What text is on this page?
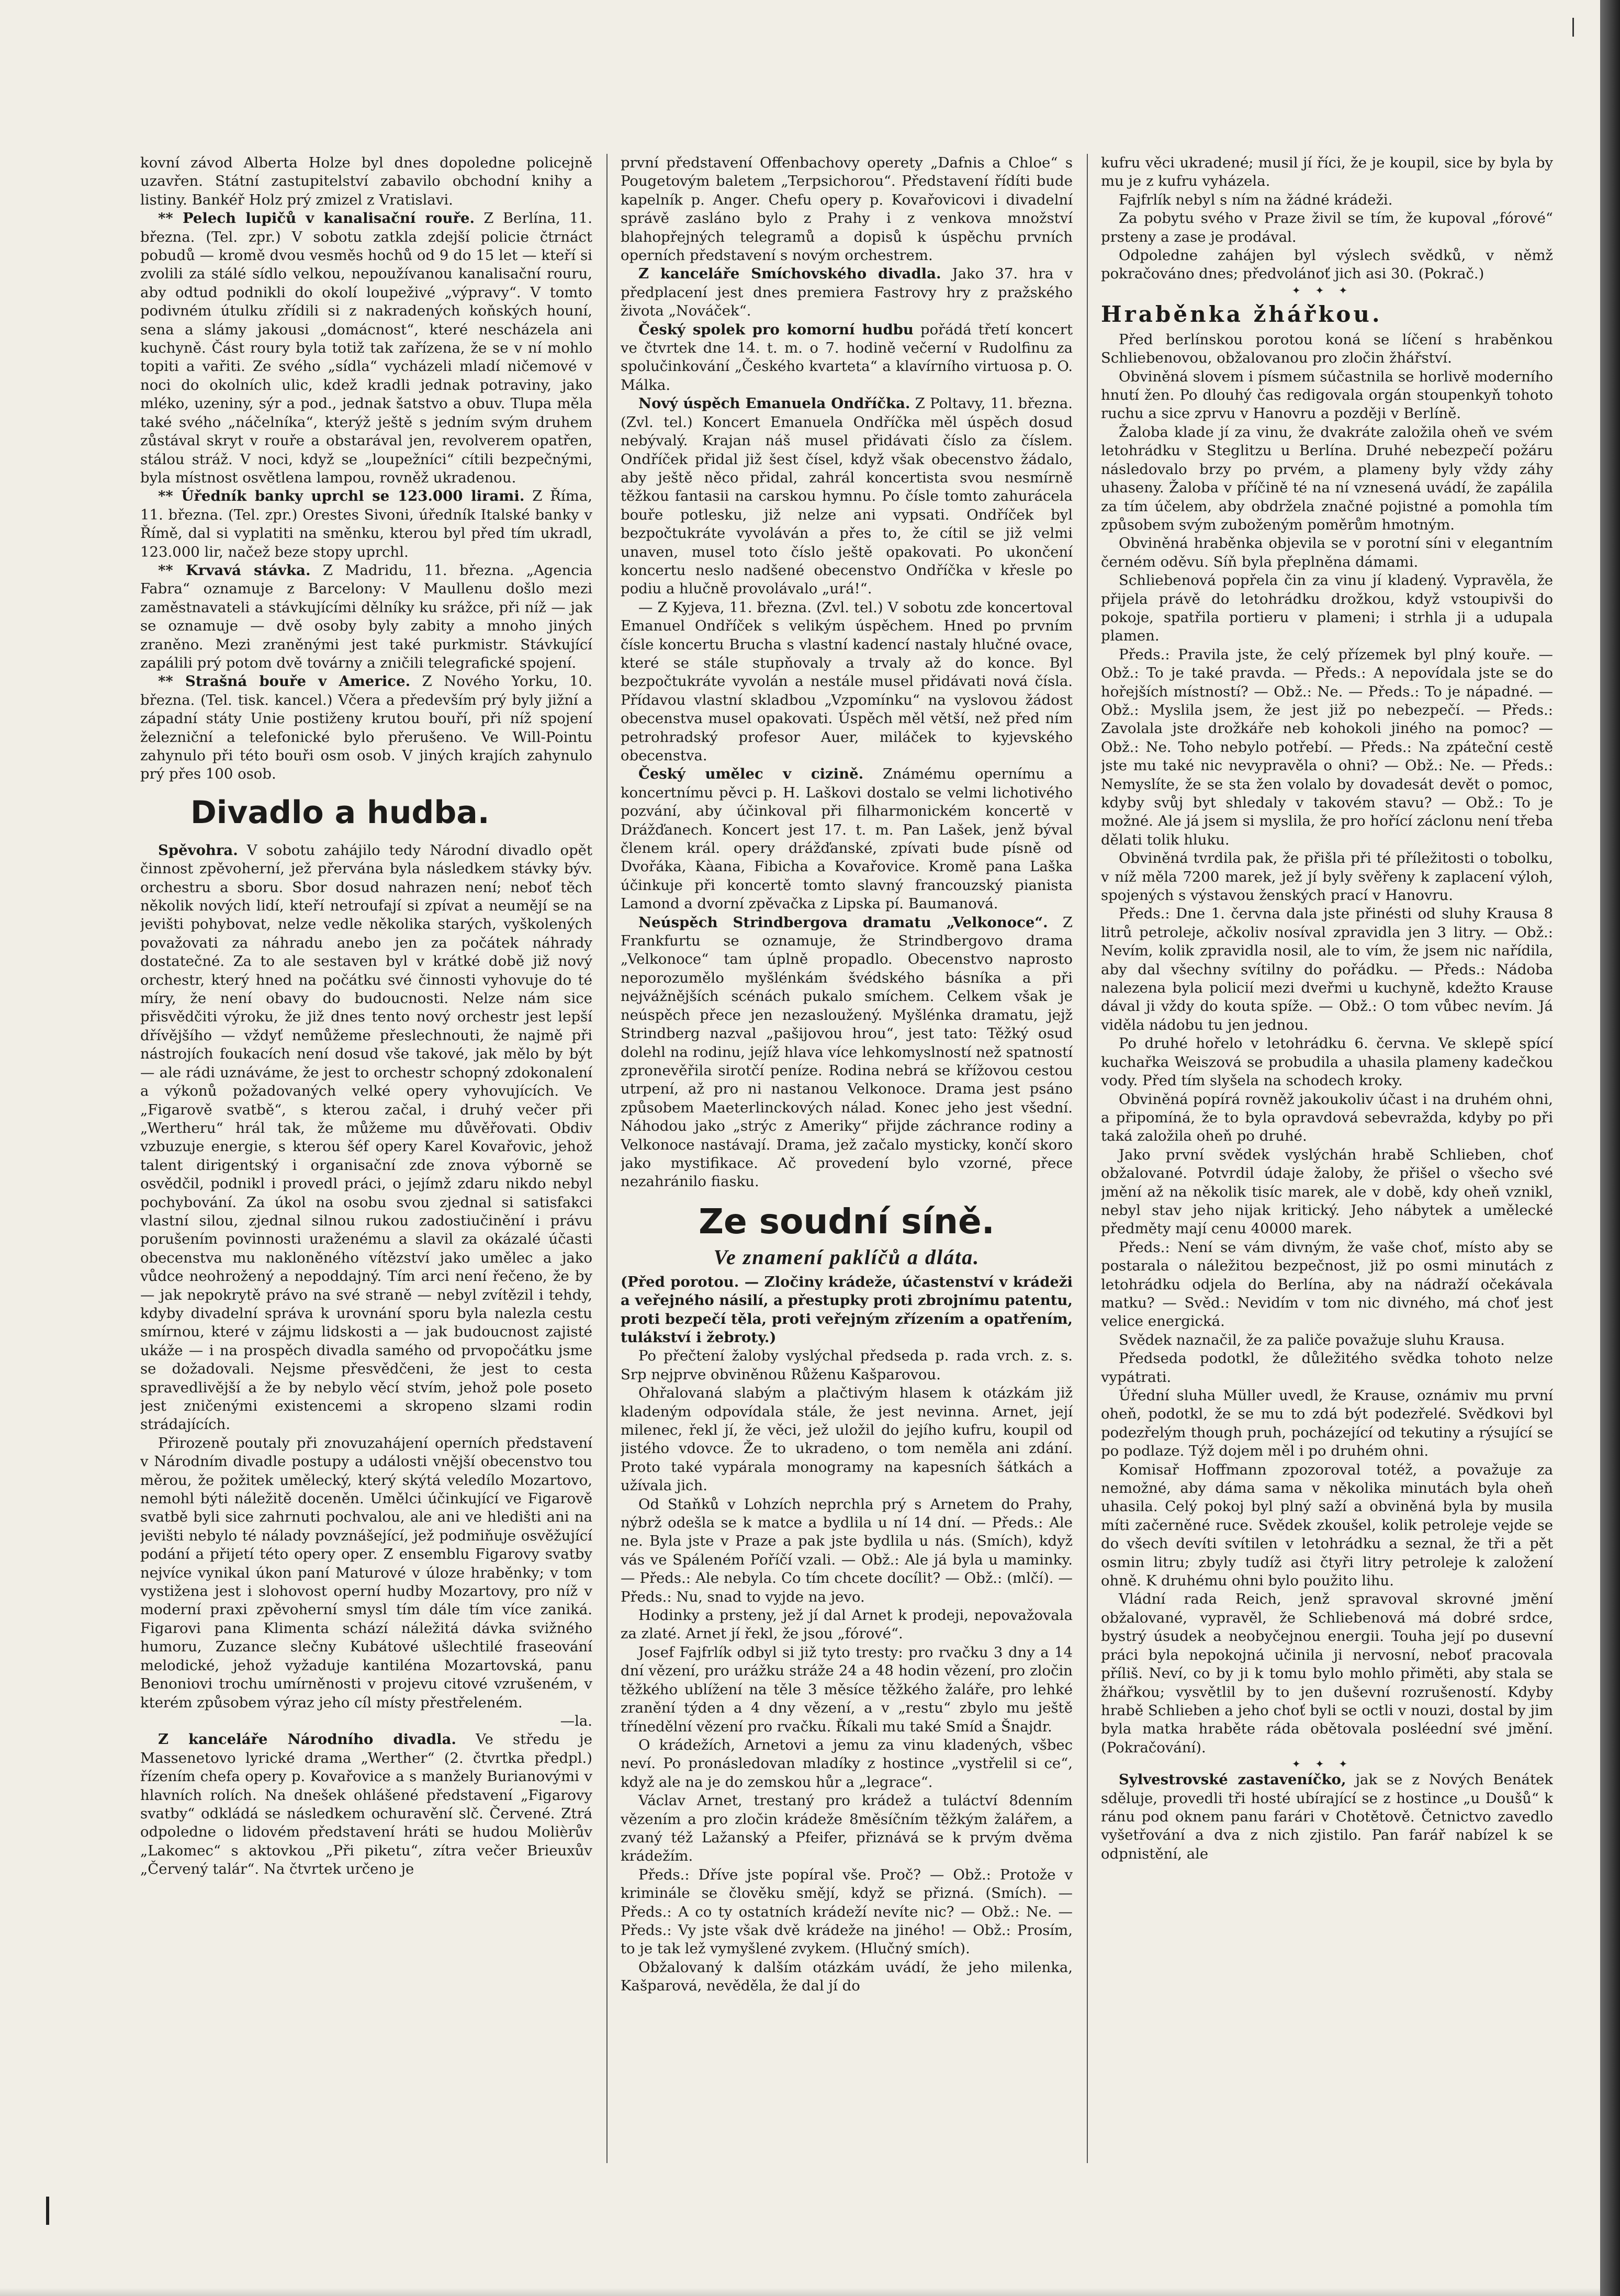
kovní závod Alberta Holze byl dnes dopoledne policejně uzavřen. Státní zastupitelství zabavilo obchodní knihy a listiny. Bankéř Holz prý zmizel z Vratislavi.

** Pelech lupičů v kanalisační rouře. Z Berlína, 11. března. (Tel. zpr.) V sobotu zatkla zdejší policie čtrnáct pobudů — kromě dvou vesměs hochů od 9 do 15 let — kteří si zvolili za stálé sídlo velkou, nepoužívanou kanalisační rouru, aby odtud podnikli do okolí loupeživé „výpravy“. V tomto podivném útulku zřídili si z nakradených koňských houní, sena a slámy jakousi „domácnost“, které nescházela ani kuchyně. Část roury byla totiž tak zařízena, že se v ní mohlo topiti a vařiti. Ze svého „sídla“ vycházeli mladí ničemové v noci do okolních ulic, kdež kradli jednak potraviny, jako mléko, uzeniny, sýr a pod., jednak šatstvo a obuv. Tlupa měla také svého „náčelníka“, kterýž ještě s jedním svým druhem zůstával skryt v rouře a obstarával jen, revolverem opatřen, stálou stráž. V noci, když se „loupežníci“ cítili bezpečnými, byla místnost osvětlena lampou, rovněž ukradenou.

** Úředník banky uprchl se 123.000 lirami. Z Říma, 11. března. (Tel. zpr.) Orestes Sivoni, úředník Italské banky v Římě, dal si vyplatiti na směnku, kterou byl před tím ukradl, 123.000 lir, načež beze stopy uprchl.

** Krvavá stávka. Z Madridu, 11. března. „Agencia Fabra“ oznamuje z Barcelony: V Maullenu došlo mezi zaměstnavateli a stávkujícími dělníky ku srážce, při níž — jak se oznamuje — dvě osoby byly zabity a mnoho jiných zraněno. Mezi zraněnými jest také purkmistr. Stávkující zapálili prý potom dvě továrny a zničili telegrafické spojení.

** Strašná bouře v Americe. Z Nového Yorku, 10. března. (Tel. tisk. kancel.) Včera a především prý byly jižní a západní státy Unie postiženy krutou bouří, při níž spojení železniční a telefonické bylo přerušeno. Ve Will-Pointu zahynulo při této bouři osm osob. V jiných krajích zahynulo prý přes 100 osob.

Divadlo a hudba.

Spěvohra. V sobotu zahájilo tedy Národní divadlo opět činnost zpěvoherní, jež přervána byla následkem stávky býv. orchestru a sboru. Sbor dosud nahrazen není; neboť těch několik nových lidí, kteří netroufají si zpívat a neumějí se na jevišti pohybovat, nelze vedle několika starých, vyškolených považovati za náhradu anebo jen za počátek náhrady dostatečné. Za to ale sestaven byl v krátké době již nový orchestr, který hned na počátku své činnosti vyhovuje do té míry, že není obavy do budoucnosti. Nelze nám sice přisvědčiti výroku, že již dnes tento nový orchestr jest lepší dřívějšího — vždyť nemůžeme přeslechnouti, že najmě při nástrojích foukacích není dosud vše takové, jak mělo by být — ale rádi uznáváme, že jest to orchestr schopný zdokonalení a výkonů požadovaných velké opery vyhovujících. Ve „Figarově svatbě“, s kterou začal, i druhý večer při „Wertheru“ hrál tak, že můžeme mu důvěřovati. Obdiv vzbuzuje energie, s kterou šéf opery Karel Kovařovic, jehož talent dirigentský i organisační zde znova výborně se osvědčil, podnikl i provedl práci, o jejímž zdaru nikdo nebyl pochybování. Za úkol na osobu svou zjednal si satisfakci vlastní silou, zjednal silnou rukou zadostiučinění i právu porušením povinnosti uraženému a slavil za okázalé účasti obecenstva mu nakloněného vítězství jako umělec a jako vůdce neohrožený a nepoddajný. Tím arci není řečeno, že by — jak nepokrytě právo na své straně — nebyl zvítězil i tehdy, kdyby divadelní správa k urovnání sporu byla nalezla cestu smírnou, které v zájmu lidskosti a — jak budoucnost zajisté ukáže — i na prospěch divadla samého od prvopočátku jsme se dožadovali. Nejsme přesvědčeni, že jest to cesta spravedlivější a že by nebylo věcí stvím, jehož pole poseto jest zničenými existencemi a skropeno slzami rodin strádajících.

Přirozeně poutaly při znovuzahájení operních představení v Národním divadle postupy a události vnější obecenstvo tou měrou, že požitek umělecký, který skýtá veledílo Mozartovo, nemohl býti náležitě doceněn. Umělci účinkující ve Figarově svatbě byli sice zahrnuti pochvalou, ale ani ve hledišti ani na jevišti nebylo té nálady povznášející, jež podmiňuje osvěžující podání a přijetí této opery oper. Z ensemblu Figarovy svatby nejvíce vynikal úkon paní Maturové v úloze hraběnky; v tom vystižena jest i slohovost operní hudby Mozartovy, pro níž v moderní praxi zpěvoherní smysl tím dále tím více zaniká. Figarovi pana Klimenta schází náležitá dávka svižného humoru, Zuzance slečny Kubátové ušlechtilé fraseování melodické, jehož vyžaduje kantiléna Mozartovská, panu Benoniovi trochu umírněnosti v projevu citové vzrušeném, v kterém způsobem výraz jeho cíl místy přestřeleném.

—la.

Z kanceláře Národního divadla. Ve středu je Massenetovo lyrické drama „Werther“ (2. čtvrtka předpl.) řízením chefa opery p. Kovařovice a s manžely Burianovými v hlavních rolích. Na dnešek ohlášené představení „Figarovy svatby“ odkládá se následkem ochuravění slč. Červené. Ztrá odpoledne o lidovém představení hráti se hudou Molièrův „Lakomec“ s aktovkou „Při piketu“, zítra večer Brieuxův „Červený talár“. Na čtvrtek určeno je

první představení Offenbachovy operety „Dafnis a Chloe“ s Pougetovým baletem „Terpsichorou“. Představení řídíti bude kapelník p. Anger. Chefu opery p. Kovařovicovi i divadelní správě zasláno bylo z Prahy i z venkova množství blahopřejných telegramů a dopisů k úspěchu prvních operních představení s novým orchestrem.

Z kanceláře Smíchovského divadla. Jako 37. hra v předplacení jest dnes premiera Fastrovy hry z pražského života „Nováček“.

Český spolek pro komorní hudbu pořádá třetí koncert ve čtvrtek dne 14. t. m. o 7. hodině večerní v Rudolfinu za spolučinkování „Českého kvarteta“ a klavírního virtuosa p. O. Málka.

Nový úspěch Emanuela Ondříčka. Z Poltavy, 11. března. (Zvl. tel.) Koncert Emanuela Ondříčka měl úspěch dosud nebývalý. Krajan náš musel přidávati číslo za číslem. Ondříček přidal již šest čísel, když však obecenstvo žádalo, aby ještě něco přidal, zahrál koncertista svou nesmírně těžkou fantasii na carskou hymnu. Po čísle tomto zahurácela bouře potlesku, již nelze ani vypsati. Ondříček byl bezpočtukráte vyvoláván a přes to, že cítil se již velmi unaven, musel toto číslo ještě opakovati. Po ukončení koncertu neslo nadšené obecenstvo Ondříčka v křesle po podiu a hlučně provolávalo „urá!“.

— Z Kyjeva, 11. března. (Zvl. tel.) V sobotu zde koncertoval Emanuel Ondříček s velikým úspěchem. Hned po prvním čísle koncertu Brucha s vlastní kadencí nastaly hlučné ovace, které se stále stupňovaly a trvaly až do konce. Byl bezpočtukráte vyvolán a nestále musel přidávati nová čísla. Přídavou vlastní skladbou „Vzpomínku“ na vyslovou žádost obecenstva musel opakovati. Úspěch měl větší, než před ním petrohradský profesor Auer, miláček to kyjevského obecenstva.

Český umělec v cizině. Známému opernímu a koncertnímu pěvci p. H. Laškovi dostalo se velmi lichotivého pozvání, aby účinkoval při filharmonickém koncertě v Drážďanech. Koncert jest 17. t. m. Pan Lašek, jenž býval členem král. opery drážďanské, zpívati bude písně od Dvořáka, Kàana, Fibicha a Kovařovice. Kromě pana Laška účinkuje při koncertě tomto slavný francouzský pianista Lamond a dvorní zpěvačka z Lipska pí. Baumanová.

Neúspěch Strindbergova dramatu „Velkonoce“. Z Frankfurtu se oznamuje, že Strindbergovo drama „Velkonoce“ tam úplně propadlo. Obecenstvo naprosto neporozumělo myšlénkám švédského básníka a při nejvážnějších scénách pukalo smíchem. Celkem však je neúspěch přece jen nezasloužený. Myšlénka dramatu, jejž Strindberg nazval „pašijovou hrou“, jest tato: Těžký osud dolehl na rodinu, jejíž hlava více lehkomyslností než spatností zpronevěřila sirotčí peníze. Rodina nebrá se křížovou cestou utrpení, až pro ni nastanou Velkonoce. Drama jest psáno způsobem Maeterlinckových nálad. Konec jeho jest všední. Náhodou jako „strýc z Ameriky“ přijde záchrance rodiny a Velkonoce nastávají. Drama, jež začalo mysticky, končí skoro jako mystifikace. Ač provedení bylo vzorné, přece nezahránilo fiasku.

Ze soudní síně.
Ve znamení paklíčů a dláta.

(Před porotou. — Zločiny krádeže, účastenství v krádeži a veřejného násilí, a přestupky proti zbrojnímu patentu, proti bezpečí těla, proti veřejným zřízením a opatřením, tulákství i žebroty.)

Po přečtení žaloby vyslýchal předseda p. rada vrch. z. s. Srp nejprve obviněnou Růženu Kašparovou.

Ohřalovaná slabým a plačtivým hlasem k otázkám již kladeným odpovídala stále, že jest nevinna. Arnet, její milenec, řekl jí, že věci, jež uložil do jejího kufru, koupil od jistého vdovce. Že to ukradeno, o tom neměla ani zdání. Proto také vypárala monogramy na kapesních šátkách a užívala jich.

Od Staňků v Lohzích neprchla prý s Arnetem do Prahy, nýbrž odešla se k matce a bydlila u ní 14 dní. — Předs.: Ale ne. Byla jste v Praze a pak jste bydlila u nás. (Smích), když vás ve Spáleném Poříčí vzali. — Obž.: Ale já byla u maminky. — Předs.: Ale nebyla. Co tím chcete docílit? — Obž.: (mlčí). — Předs.: Nu, snad to vyjde na jevo.

Hodinky a prsteny, jež jí dal Arnet k prodeji, nepovažovala za zlaté. Arnet jí řekl, že jsou „fórové“.

Josef Fajfrlík odbyl si již tyto tresty: pro rvačku 3 dny a 14 dní vězení, pro urážku stráže 24 a 48 hodin vězení, pro zločin těžkého ublížení na těle 3 měsíce těžkého žaláře, pro lehké zranění týden a 4 dny vězení, a v „restu“ zbylo mu ještě třínedělní vězení pro rvačku. Říkali mu také Smíd a Šnajdr.

O krádežích, Arnetovi a jemu za vinu kladených, všbec neví. Po pronásledovan mladíky z hostince „vystřelil si ce“, když ale na je do zemskou hůr a „legrace“.

Václav Arnet, trestaný pro krádež a tuláctví 8denním vězením a pro zločin krádeže 8měsíčním těžkým žalářem, a zvaný též Lažanský a Pfeifer, přiznává se k prvým dvěma krádežím.

Předs.: Dříve jste popíral vše. Proč? — Obž.: Protože v kriminále se člověku smějí, když se přizná. (Smích). — Předs.: A co ty ostatních krádeží nevíte nic? — Obž.: Ne. — Předs.: Vy jste však dvě krádeže na jiného! — Obž.: Prosím, to je tak lež vymyšlené zvykem. (Hlučný smích).

Obžalovaný k dalším otázkám uvádí, že jeho milenka, Kašparová, nevěděla, že dal jí do

kufru věci ukradené; musil jí říci, že je koupil, sice by byla by mu je z kufru vyházela.

Fajfrlík nebyl s ním na žádné krádeži.

Za pobytu svého v Praze živil se tím, že kupoval „fórové“ prsteny a zase je prodával.

Odpoledne zahájen byl výslech svědků, v němž pokračováno dnes; předvolánoť jich asi 30. (Pokrač.)

✦✦✦

Hraběnka žhářkou.

Před berlínskou porotou koná se líčení s hraběnkou Schliebenovou, obžalovanou pro zločin žhářství.

Obviněná slovem i písmem súčastnila se horlivě moderního hnutí žen. Po dlouhý čas redigovala orgán stoupenkyň tohoto ruchu a sice zprvu v Hanovru a později v Berlíně.

Žaloba klade jí za vinu, že dvakráte založila oheň ve svém letohrádku v Steglitzu u Berlína. Druhé nebezpečí požáru následovalo brzy po prvém, a plameny byly vždy záhy uhaseny. Žaloba v příčině té na ní vznesená uvádí, že zapálila za tím účelem, aby obdržela značné pojistné a pomohla tím způsobem svým zuboženým poměrům hmotným.

Obviněná hraběnka objevila se v porotní síni v elegantním černém oděvu. Síň byla přeplněna dámami.

Schliebenová popřela čin za vinu jí kladený. Vypravěla, že přijela právě do letohrádku drožkou, když vstoupivši do pokoje, spatřila portieru v plameni; i strhla ji a udupala plamen.

Předs.: Pravila jste, že celý přízemek byl plný kouře. — Obž.: To je také pravda. — Předs.: A nepovídala jste se do hořejších místností? — Obž.: Ne. — Předs.: To je nápadné. — Obž.: Myslila jsem, že jest již po nebezpečí. — Předs.: Zavolala jste drožkáře neb kohokoli jiného na pomoc? — Obž.: Ne. Toho nebylo potřebí. — Předs.: Na zpáteční cestě jste mu také nic nevypravěla o ohni? — Obž.: Ne. — Předs.: Nemyslíte, že se sta žen volalo by dovadesát devět o pomoc, kdyby svůj byt shledaly v takovém stavu? — Obž.: To je možné. Ale já jsem si myslila, že pro hořící záclonu není třeba dělati tolik hluku.

Obviněná tvrdila pak, že přišla při té příležitosti o tobolku, v níž měla 7200 marek, jež jí byly svěřeny k zaplacení výloh, spojených s výstavou ženských prací v Hanovru.

Předs.: Dne 1. června dala jste přinésti od sluhy Krausa 8 litrů petroleje, ačkoliv nosíval zpravidla jen 3 litry. — Obž.: Nevím, kolik zpravidla nosil, ale to vím, že jsem nic nařídila, aby dal všechny svítilny do pořádku. — Předs.: Nádoba nalezena byla policií mezi dveřmi u kuchyně, kdežto Krause dával ji vždy do kouta spíže. — Obž.: O tom vůbec nevím. Já viděla nádobu tu jen jednou.

Po druhé hořelo v letohrádku 6. června. Ve sklepě spící kuchařka Weiszová se probudila a uhasila plameny kadečkou vody. Před tím slyšela na schodech kroky.

Obviněná popírá rovněž jakoukoliv účast i na druhém ohni, a připomíná, že to byla opravdová sebevražda, kdyby po při taká založila oheň po druhé.

Jako první svědek vyslýchán hrabě Schlieben, choť obžalované. Potvrdil údaje žaloby, že přišel o všecho své jmění až na několik tisíc marek, ale v době, kdy oheň vznikl, nebyl stav jeho nijak kritický. Jeho nábytek a umělecké předměty mají cenu 40000 marek.

Předs.: Není se vám divným, že vaše choť, místo aby se postarala o náležitou bezpečnost, již po osmi minutách z letohrádku odjela do Berlína, aby na nádraží očekávala matku? — Svěd.: Nevidím v tom nic divného, má choť jest velice energická.

Svědek naznačil, že za paliče považuje sluhu Krausa.

Předseda podotkl, že důležitého svědka tohoto nelze vypátrati.

Úřední sluha Müller uvedl, že Krause, oznámiv mu první oheň, podotkl, že se mu to zdá být podezřelé. Svědkovi byl podezřelým though pruh, pocházející od tekutiny a rýsující se po podlaze. Týž dojem měl i po druhém ohni.

Komisař Hoffmann zpozoroval totéž, a považuje za nemožné, aby dáma sama v několika minutách byla oheň uhasila. Celý pokoj byl plný saží a obviněná byla by musila míti začerněné ruce. Svědek zkoušel, kolik petroleje vejde se do všech devíti svítilen v letohrádku a seznal, že tři a pět osmin litru; zbyly tudíž asi čtyři litry petroleje k založení ohně. K druhému ohni bylo použito lihu.

Vládní rada Reich, jenž spravoval skrovné jmění obžalované, vypravěl, že Schliebenová má dobré srdce, bystrý úsudek a neobyčejnou energii. Touha její po dusevní práci byla nepokojná učinila ji nervosní, neboť pracovala příliš. Neví, co by ji k tomu bylo mohlo přiměti, aby stala se žhářkou; vysvětlil by to jen duševní rozrušeností. Kdyby hrabě Schlieben a jeho choť byli se octli v nouzi, dostal by jim byla matka hraběte ráda obětovala posléední své jmění. (Pokračování).

✦✦✦

Sylvestrovské zastaveníčko, jak se z Nových Benátek sděluje, provedli tři hosté ubírající se z hostince „u Doušů“ k ránu pod oknem panu farári v Chotětově. Četnictvo zavedlo vyšetřování a dva z nich zjistilo. Pan farář nabízel k se odpnistění, ale
